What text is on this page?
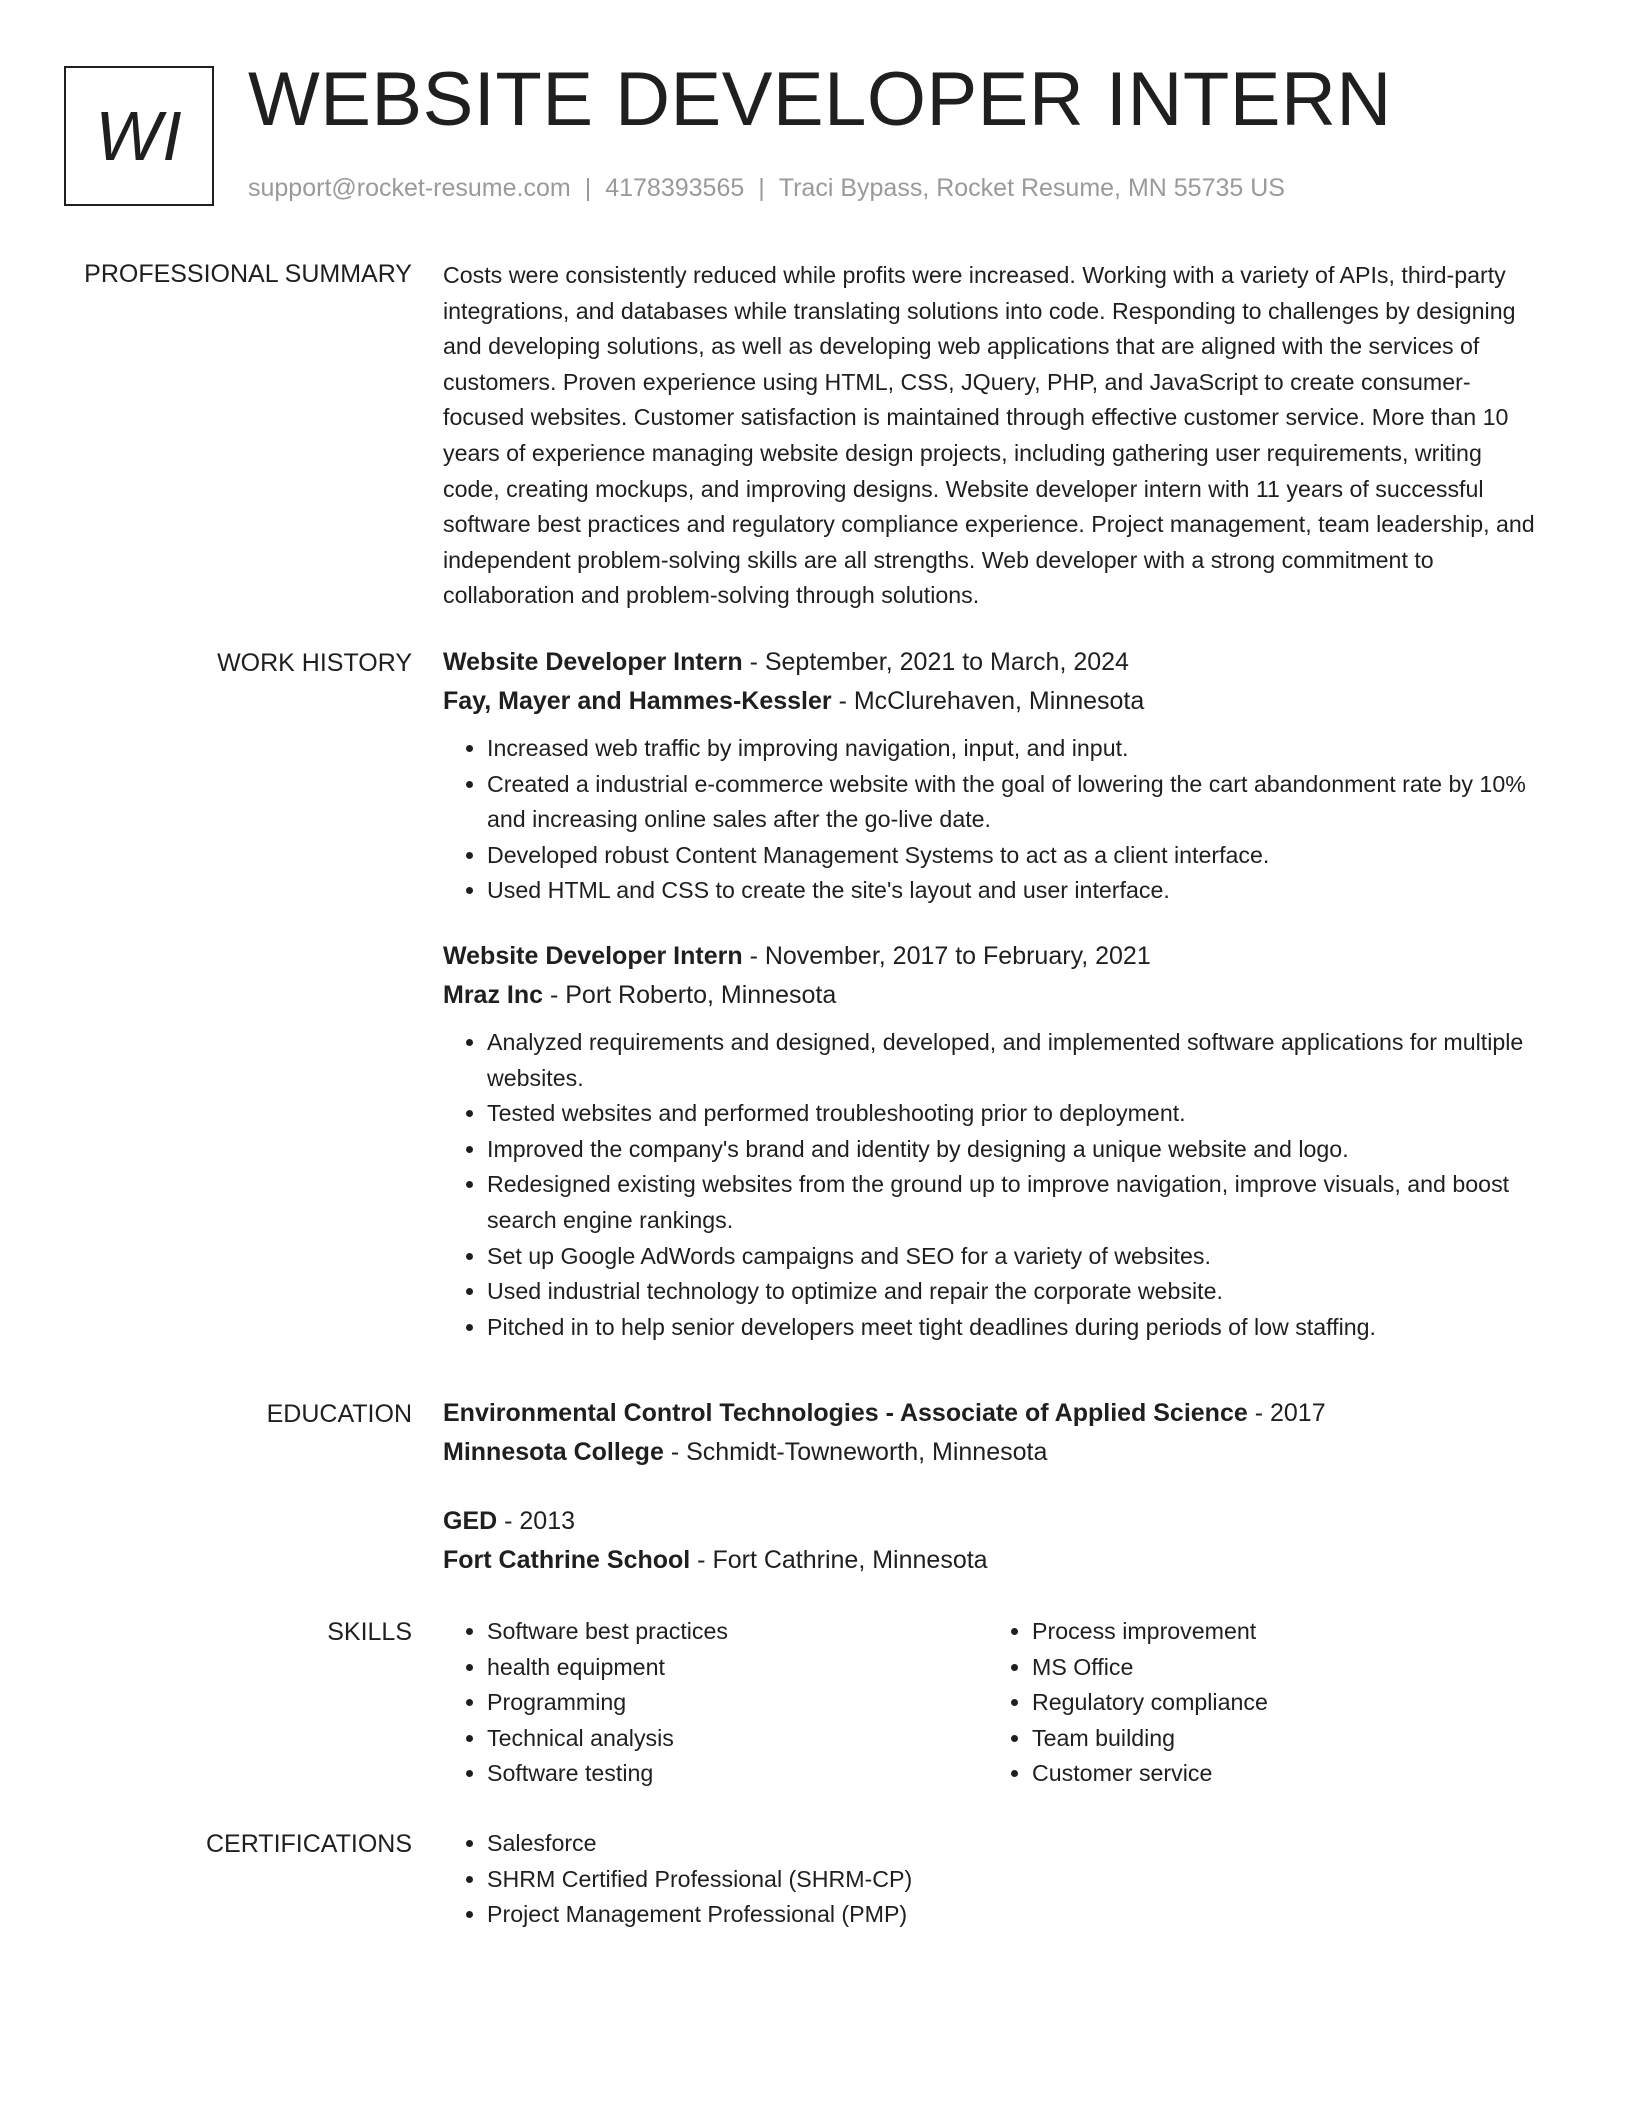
WI WEBSITE DEVELOPER INTERN
support@rocket-resume.com | 4178393565 | Traci Bypass, Rocket Resume, MN 55735 US
PROFESSIONAL SUMMARY Costs were consistently reduced while profits were increased. Working with a variety of APIs, third-party integrations, and databases while translating solutions into code. Responding to challenges by designing and developing solutions, as well as developing web applications that are aligned with the services of customers. Proven experience using HTML, CSS, JQuery, PHP, and JavaScript to create consumer-focused websites. Customer satisfaction is maintained through effective customer service. More than 10 years of experience managing website design projects, including gathering user requirements, writing code, creating mockups, and improving designs. Website developer intern with 11 years of successful software best practices and regulatory compliance experience. Project management, team leadership, and independent problem-solving skills are all strengths. Web developer with a strong commitment to collaboration and problem-solving through solutions.

WORK HISTORY Website Developer Intern - September, 2021 to March, 2024
Fay, Mayer and Hammes-Kessler - McClurehaven, Minnesota
• Increased web traffic by improving navigation, input, and input.
• Created a industrial e-commerce website with the goal of lowering the cart abandonment rate by 10% and increasing online sales after the go-live date.
• Developed robust Content Management Systems to act as a client interface.
• Used HTML and CSS to create the site's layout and user interface.
Website Developer Intern - November, 2017 to February, 2021
Mraz Inc - Port Roberto, Minnesota
• Analyzed requirements and designed, developed, and implemented software applications for multiple websites.
• Tested websites and performed troubleshooting prior to deployment.
• Improved the company's brand and identity by designing a unique website and logo.
• Redesigned existing websites from the ground up to improve navigation, improve visuals, and boost search engine rankings.
• Set up Google AdWords campaigns and SEO for a variety of websites.
• Used industrial technology to optimize and repair the corporate website.
• Pitched in to help senior developers meet tight deadlines during periods of low staffing.
EDUCATION Environmental Control Technologies - Associate of Applied Science - 2017
Minnesota College - Schmidt-Towneworth, Minnesota
GED - 2013
Fort Cathrine School - Fort Cathrine, Minnesota
SKILLS	• Software best practices
• health equipment
• Programming
• Technical analysis
• Software testing
• Process improvement
• MS Office
• Regulatory compliance
• Team building
• Customer service
CERTIFICATIONS	• Salesforce
• SHRM Certified Professional (SHRM-CP)
• Project Management Professional (PMP)
